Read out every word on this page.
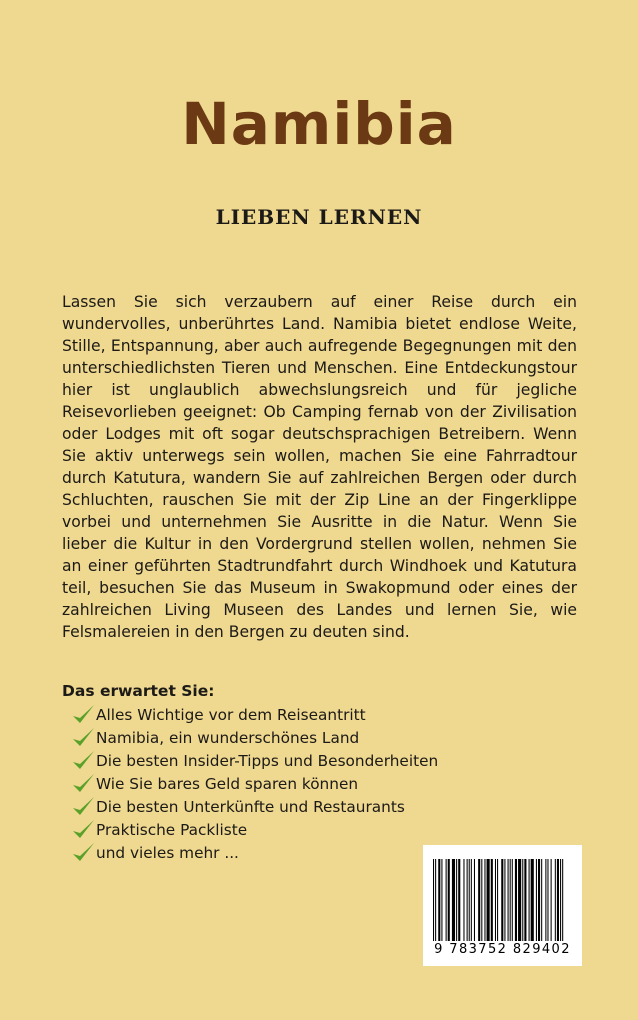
Namibia
LIEBEN LERNEN

Lassen Sie sich verzaubern auf einer Reise durch ein wundervolles, unberührtes Land. Namibia bietet endlose Weite, Stille, Entspannung, aber auch aufregende Begegnungen mit den unterschiedlichsten Tieren und Menschen. Eine Entdeckungstour hier ist unglaublich abwechslungsreich und für jegliche Reisevorlieben geeignet: Ob Camping fernab von der Zivilisation oder Lodges mit oft sogar deutschsprachigen Betreibern. Wenn Sie aktiv unterwegs sein wollen, machen Sie eine Fahrradtour durch Katutura, wandern Sie auf zahlreichen Bergen oder durch Schluchten, rauschen Sie mit der Zip Line an der Fingerklippe vorbei und unternehmen Sie Ausritte in die Natur. Wenn Sie lieber die Kultur in den Vordergrund stellen wollen, nehmen Sie an einer geführten Stadtrundfahrt durch Windhoek und Katutura teil, besuchen Sie das Museum in Swakopmund oder eines der zahlreichen Living Museen des Landes und lernen Sie, wie Felsmalereien in den Bergen zu deuten sind.

Das erwartet Sie:
Alles Wichtige vor dem Reiseantritt
Namibia, ein wunderschönes Land
Die besten Insider-Tipps und Besonderheiten
Wie Sie bares Geld sparen können
Die besten Unterkünfte und Restaurants
Praktische Packliste
und vieles mehr ...
9 783752 829402
